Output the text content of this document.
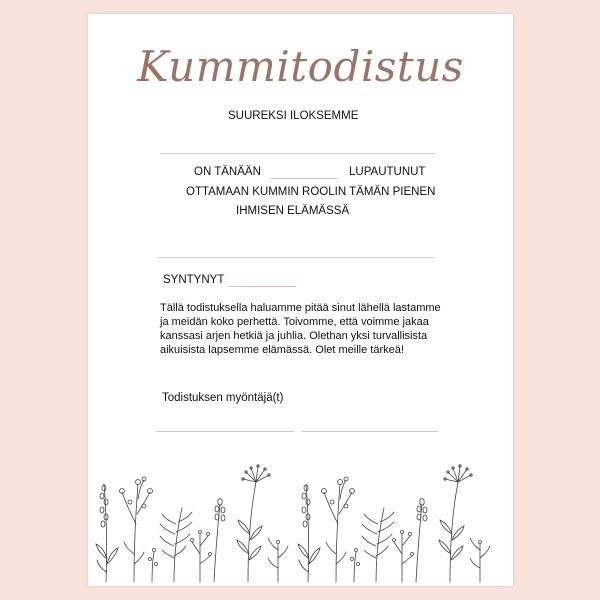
Kummitodistus
SUUREKSI ILOKSEMME
ON TÄNÄÄN	LUPAUTUNUT
OTTAMAAN KUMMIN ROOLIN TÄMÄN PIENEN
IHMISEN ELÄMÄSSÄ
SYNTYNYT
Tällä todistuksella haluamme pitää sinut lähellä lastamme
ja meidän koko perhettä. Toivomme, että voimme jakaa
kanssasi arjen hetkiä ja juhlia. Olethan yksi turvallisista
aikuisista lapsemme elämässä. Olet meille tärkeä!
Todistuksen myöntäjä(t)
